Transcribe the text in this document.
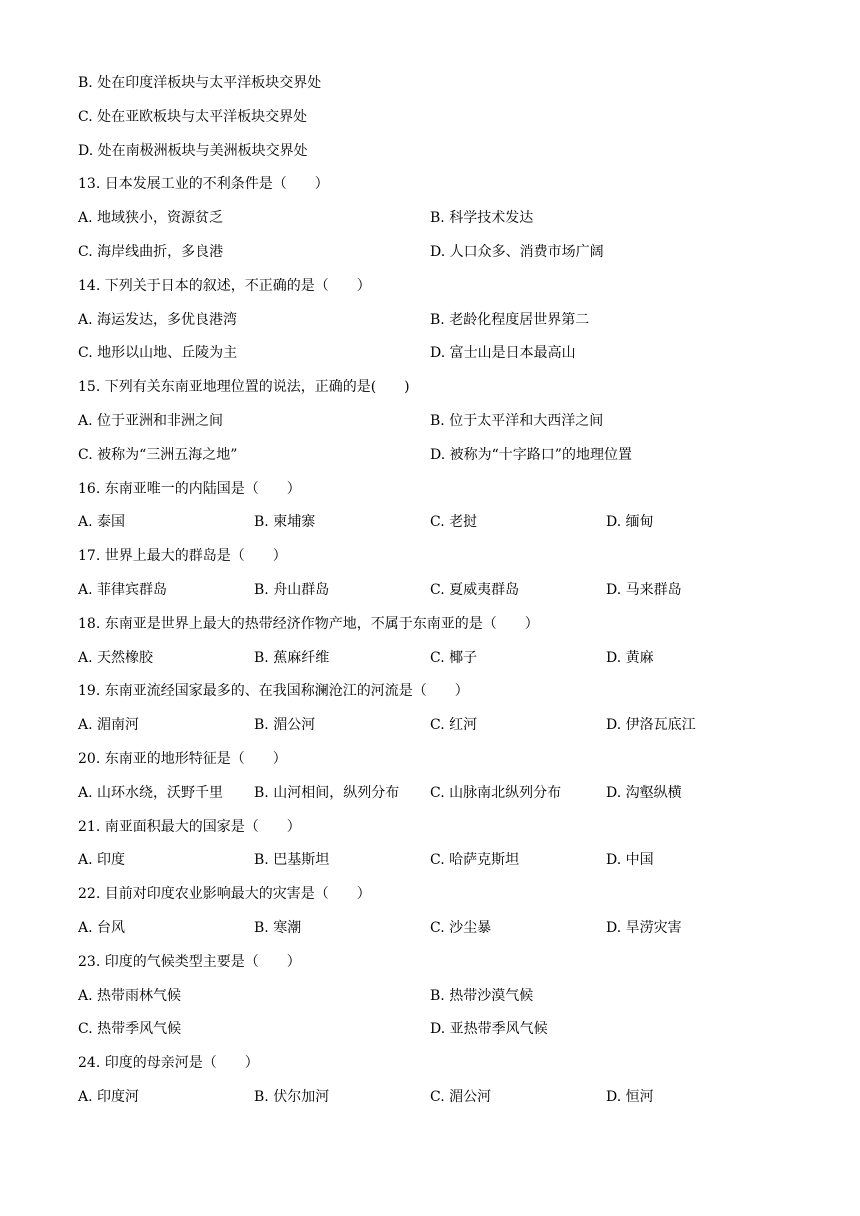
B. 处在印度洋板块与太平洋板块交界处
C. 处在亚欧板块与太平洋板块交界处
D. 处在南极洲板块与美洲板块交界处
13. 日本发展工业的不利条件是（　　）
A. 地域狭小，资源贫乏	B. 科学技术发达
C. 海岸线曲折，多良港	D. 人口众多、消费市场广阔
14. 下列关于日本的叙述，不正确的是（　　）
A. 海运发达，多优良港湾	B. 老龄化程度居世界第二
C. 地形以山地、丘陵为主	D. 富士山是日本最高山
15. 下列有关东南亚地理位置的说法，正确的是(　　)
A. 位于亚洲和非洲之间	B. 位于太平洋和大西洋之间
C. 被称为“三洲五海之地”	D. 被称为“十字路口”的地理位置
16. 东南亚唯一的内陆国是（　　）
A. 泰国	B. 柬埔寨	C. 老挝	D. 缅甸
17. 世界上最大的群岛是（　　）
A. 菲律宾群岛	B. 舟山群岛	C. 夏威夷群岛	D. 马来群岛
18. 东南亚是世界上最大的热带经济作物产地，不属于东南亚的是（　　）
A. 天然橡胶	B. 蕉麻纤维	C. 椰子	D. 黄麻
19. 东南亚流经国家最多的、在我国称澜沧江的河流是（　　）
A. 湄南河	B. 湄公河	C. 红河	D. 伊洛瓦底江
20. 东南亚的地形特征是（　　）
A. 山环水绕，沃野千里 B. 山河相间，纵列分布 C. 山脉南北纵列分布	D. 沟壑纵横
21. 南亚面积最大的国家是（　　）
A. 印度	B. 巴基斯坦	C. 哈萨克斯坦	D. 中国
22. 目前对印度农业影响最大的灾害是（　　）
A. 台风	B. 寒潮	C. 沙尘暴	D. 旱涝灾害
23. 印度的气候类型主要是（　　）
A. 热带雨林气候	B. 热带沙漠气候
C. 热带季风气候	D. 亚热带季风气候
24. 印度的母亲河是（　　）
A. 印度河	B. 伏尔加河	C. 湄公河	D. 恒河
